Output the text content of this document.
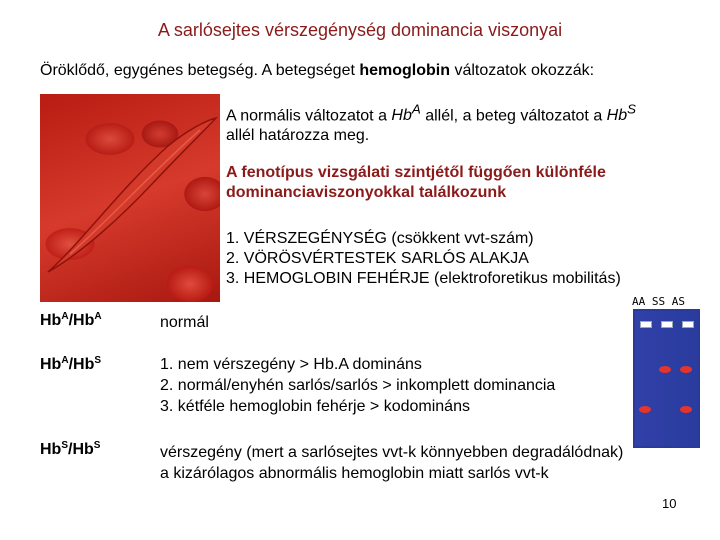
A sarlósejtes vérszegénység dominancia viszonyai
Öröklődő, egygénes betegség. A betegséget hemoglobin változatok okozzák:
A normális változatot a $Hb^A$ allél, a beteg változatot a $Hb^S$
allél határozza meg.
A fenotípus vizsgálati szintjétől függően különféle
dominanciaviszonyokkal találkozunk
1. VÉRSZEGÉNYSÉG (csökkent vvt-szám)
2. VÖRÖSVÉRTESTEK SARLÓS ALAKJA
3. HEMOGLOBIN FEHÉRJE (elektroforetikus mobilitás)
$Hb^A/Hb^A$	normál
$Hb^A/Hb^S$	1. nem vérszegény > Hb.A domináns
2. normál/enyhén sarlós/sarlós > inkomplett dominancia
3. kétféle hemoglobin fehérje > kodomináns
$Hb^S/Hb^S$	vérszegény (mert a sarlósejtes vvt-k könnyebben degradálódnak)
a kizárólagos abnormális hemoglobin miatt sarlós vvt-k
AA SS AS
10
